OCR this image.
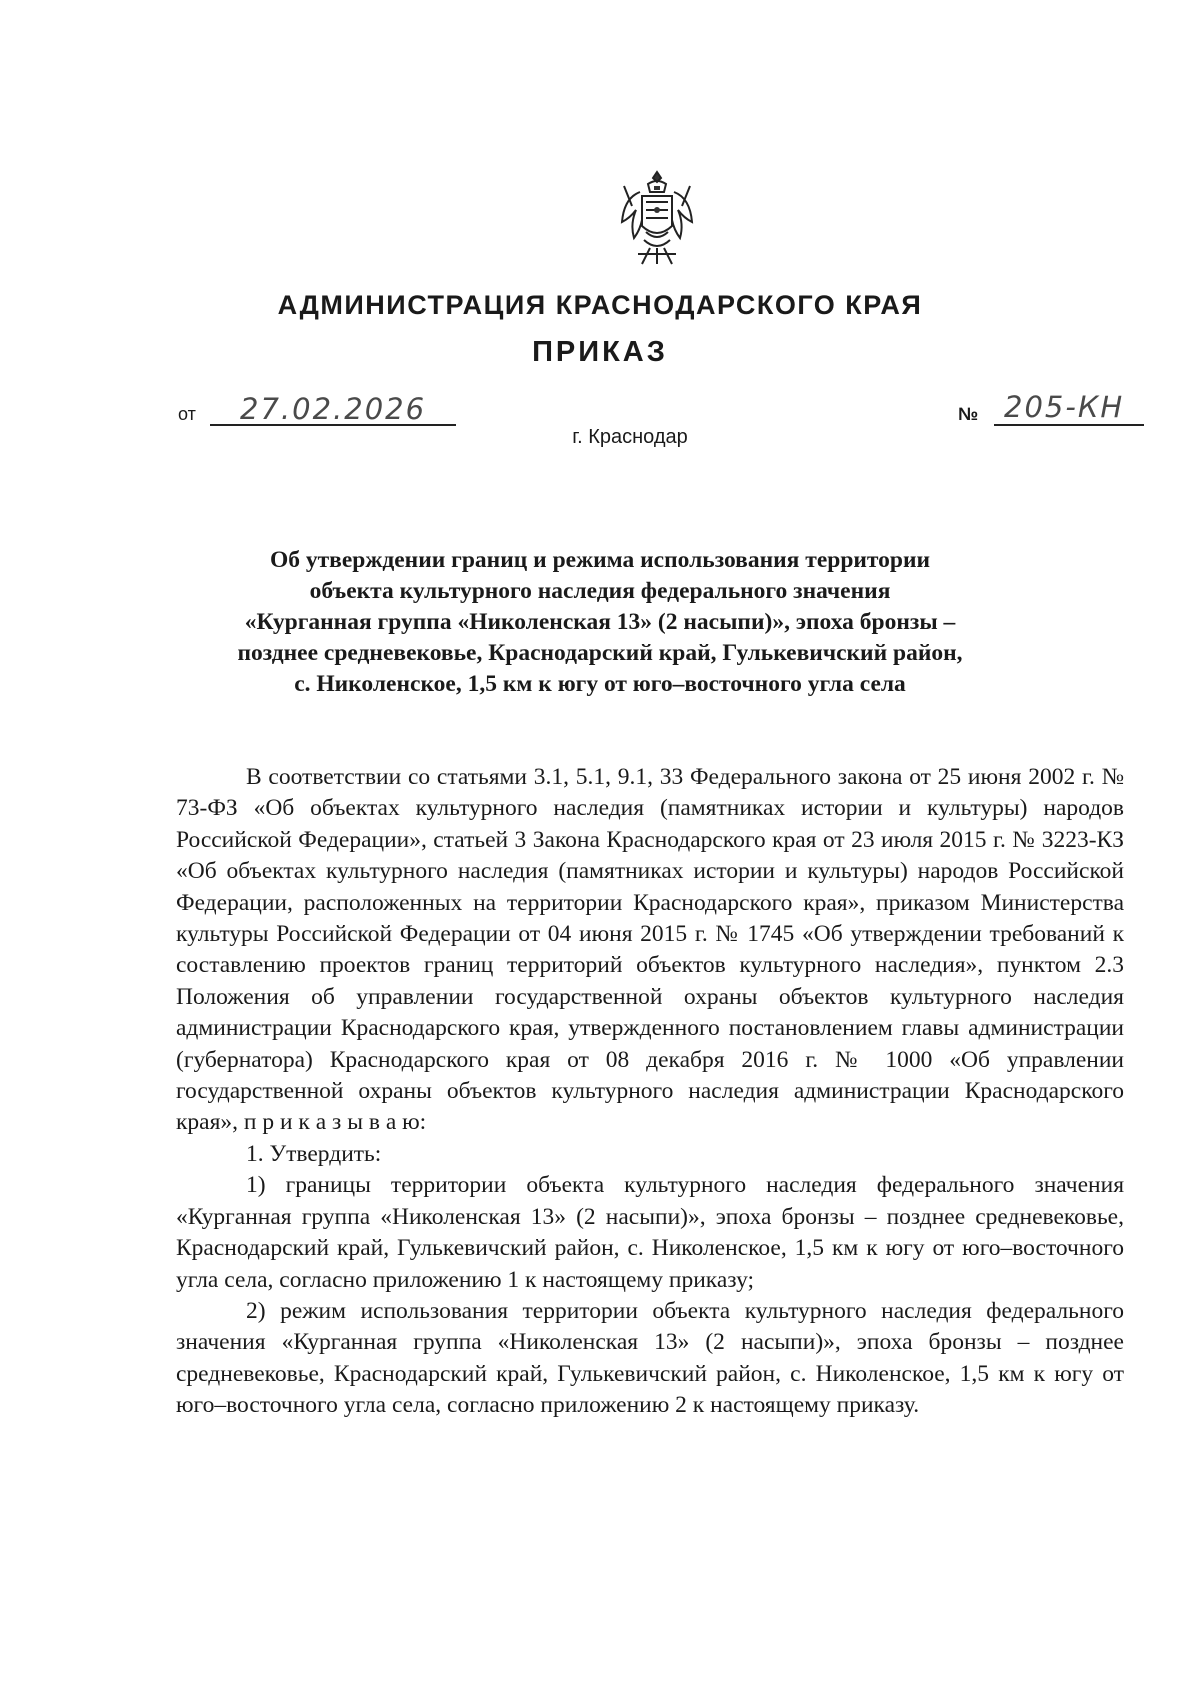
АДМИНИСТРАЦИЯ КРАСНОДАРСКОГО КРАЯ
ПРИКАЗ
от 27.02.2026	№ 205-КН
г. Краснодар
Об утверждении границ и режима использования территории
объекта культурного наследия федерального значения
«Курганная группа «Николенская 13» (2 насыпи)», эпоха бронзы –
позднее средневековье, Краснодарский край, Гулькевичский район,
с. Николенское, 1,5 км к югу от юго–восточного угла села

В соответствии со статьями 3.1, 5.1, 9.1, 33 Федерального закона от 25 июня 2002 г. № 73-ФЗ «Об объектах культурного наследия (памятниках истории и культуры) народов Российской Федерации», статьей 3 Закона Краснодарского края от 23 июля 2015 г. № 3223-КЗ «Об объектах культурного наследия (памятниках истории и культуры) народов Российской Федерации, расположенных на территории Краснодарского края», приказом Министерства культуры Российской Федерации от 04 июня 2015 г. № 1745 «Об утверждении требований к составлению проектов границ территорий объектов культурного наследия», пунктом 2.3 Положения об управлении государственной охраны объектов культурного наследия администрации Краснодарского края, утвержденного постановлением главы администрации (губернатора) Краснодарского края от 08 декабря 2016 г. № 1000 «Об управлении государственной охраны объектов культурного наследия администрации Краснодарского края», п р и к а з ы в а ю:

1. Утвердить:

1) границы территории объекта культурного наследия федерального значения «Курганная группа «Николенская 13» (2 насыпи)», эпоха бронзы – позднее средневековье, Краснодарский край, Гулькевичский район, с. Николенское, 1,5 км к югу от юго–восточного угла села, согласно приложению 1 к настоящему приказу;

2) режим использования территории объекта культурного наследия федерального значения «Курганная группа «Николенская 13» (2 насыпи)», эпоха бронзы – позднее средневековье, Краснодарский край, Гулькевичский район, с. Николенское, 1,5 км к югу от юго–восточного угла села, согласно приложению 2 к настоящему приказу.
